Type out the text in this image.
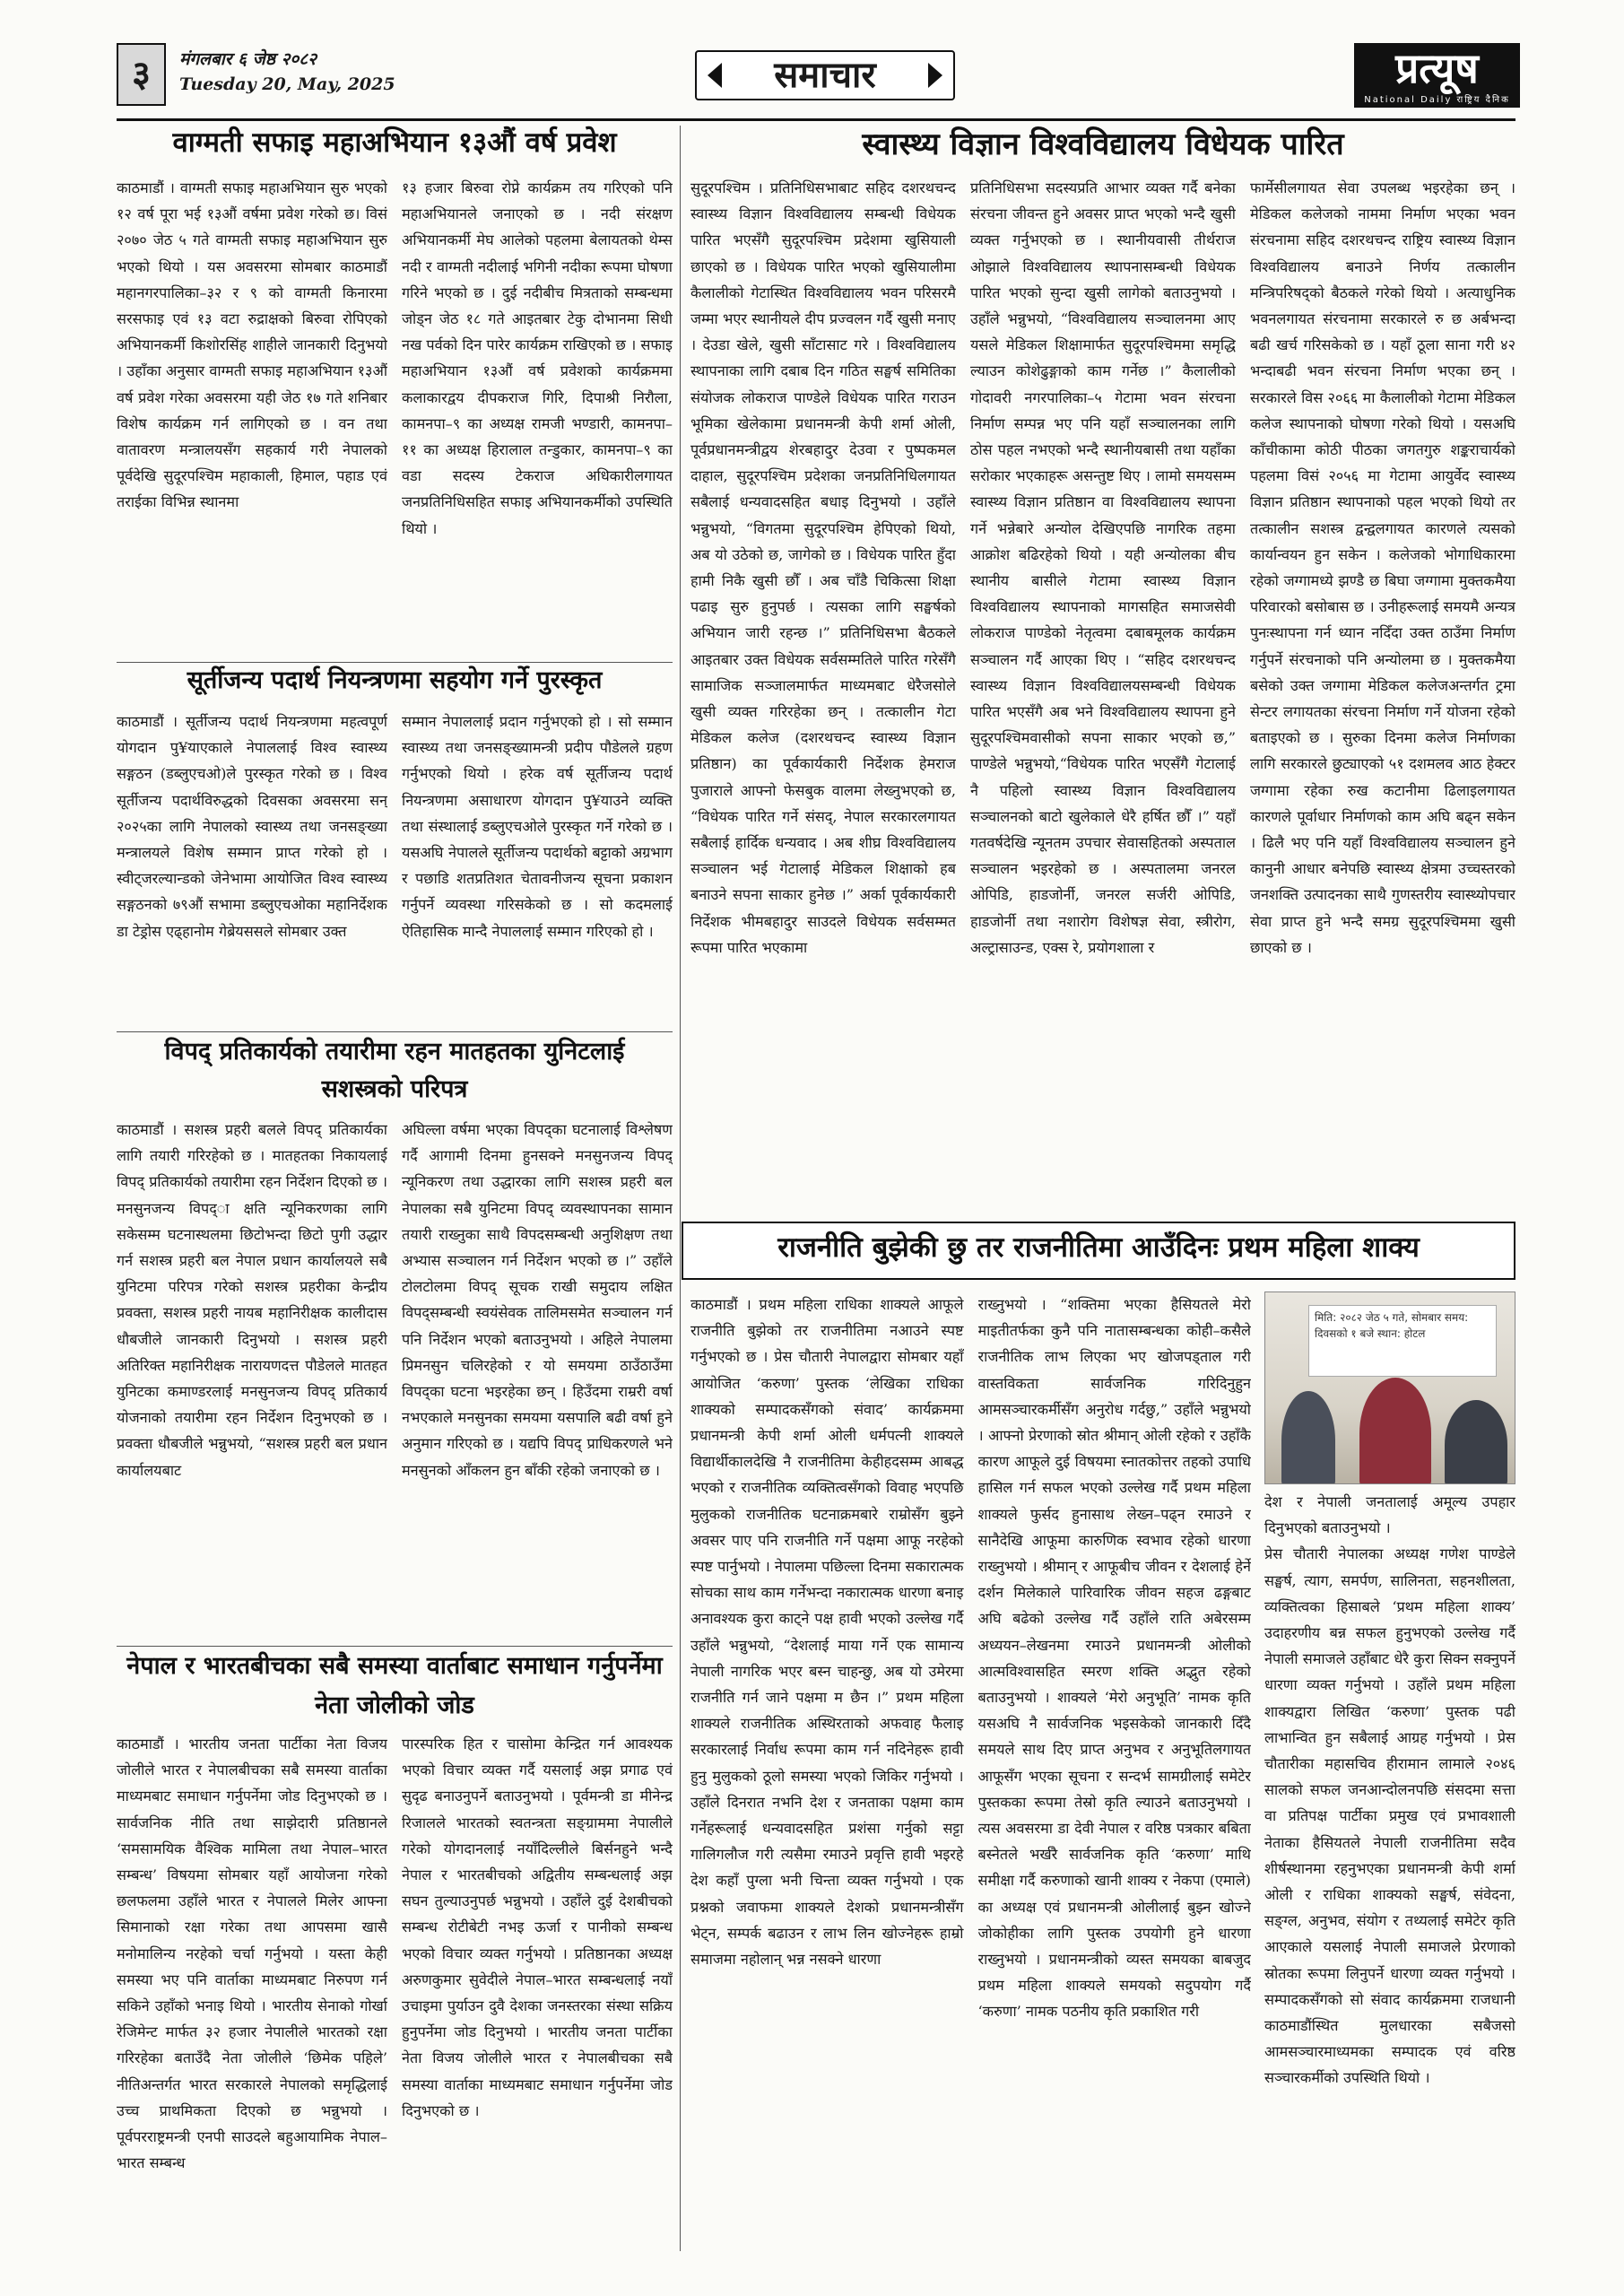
३	मंगलबार ६ जेष्ठ २०८२
Tuesday 20, May, 2025	समाचार	प्रत्यूष
National Daily राष्ट्रिय दैनिक
वाग्मती सफाइ महाअभियान १३औं वर्ष प्रवेश
काठमाडौं । वाग्मती सफाइ महाअभियान सुरु भएको १२ वर्ष पूरा भई १३औं वर्षमा प्रवेश गरेको छ। विसं २०७० जेठ ५ गते वाग्मती सफाइ महाअभियान सुरु भएको थियो । यस अवसरमा सोमबार काठमाडौं महानगरपालिका–३२ र ९ को वाग्मती किनारमा सरसफाइ एवं १३ वटा रुद्राक्षको बिरुवा रोपिएको अभियानकर्मी किशोरसिंह शाहीले जानकारी दिनुभयो । उहाँका अनुसार वाग्मती सफाइ महाअभियान १३औं वर्ष प्रवेश गरेका अवसरमा यही जेठ १७ गते शनिबार विशेष कार्यक्रम गर्न लागिएको छ । वन तथा वातावरण मन्त्रालयसँग सहकार्य गरी नेपालको पूर्वदेखि सुदूरपश्चिम महाकाली, हिमाल, पहाड एवं तराईका विभिन्न स्थानमा
१३ हजार बिरुवा रोप्ने कार्यक्रम तय गरिएको पनि महाअभियानले जनाएको छ । नदी संरक्षण अभियानकर्मी मेघ आलेको पहलमा बेलायतको थेम्स नदी र वाग्मती नदीलाई भगिनी नदीका रूपमा घोषणा गरिने भएको छ । दुई नदीबीच मित्रताको सम्बन्धमा जोड्न जेठ १८ गते आइतबार टेकु दोभानमा सिधी नख पर्वको दिन पारेर कार्यक्रम राखिएको छ । सफाइ महाअभियान १३औं वर्ष प्रवेशको कार्यक्रममा कलाकारद्वय दीपकराज गिरि, दिपाश्री निरौला, कामनपा–९ का अध्यक्ष रामजी भण्डारी, कामनपा–११ का अध्यक्ष हिरालाल तन्डुकार, कामनपा–९ का वडा सदस्य टेकराज अधिकारीलगायत जनप्रतिनिधिसहित सफाइ अभियानकर्मीको उपस्थिति थियो ।
सूर्तीजन्य पदार्थ नियन्त्रणमा सहयोग गर्ने पुरस्कृत
काठमाडौं । सूर्तीजन्य पदार्थ नियन्त्रणमा महत्वपूर्ण योगदान पु¥याएकाले नेपाललाई विश्व स्वास्थ्य सङ्गठन (डब्लुएचओ)ले पुरस्कृत गरेको छ । विश्व सूर्तीजन्य पदार्थविरुद्धको दिवसका अवसरमा सन् २०२५का लागि नेपालको स्वास्थ्य तथा जनसङ्ख्या मन्त्रालयले विशेष सम्मान प्राप्त गरेको हो । स्वीट्जरल्यान्डको जेनेभामा आयोजित विश्व स्वास्थ्य सङ्गठनको ७९औं सभामा डब्लुएचओका महानिर्देशक डा टेड्रोस एढ्हानोम गेब्रेयससले सोमबार उक्त
सम्मान नेपाललाई प्रदान गर्नुभएको हो । सो सम्मान स्वास्थ्य तथा जनसङ्ख्यामन्त्री प्रदीप पौडेलले ग्रहण गर्नुभएको थियो । हरेक वर्ष सूर्तीजन्य पदार्थ नियन्त्रणमा असाधारण योगदान पु¥याउने व्यक्ति तथा संस्थालाई डब्लुएचओले पुरस्कृत गर्ने गरेको छ । यसअघि नेपालले सूर्तीजन्य पदार्थको बट्टाको अग्रभाग र पछाडि शतप्रतिशत चेतावनीजन्य सूचना प्रकाशन गर्नुपर्ने व्यवस्था गरिसकेको छ । सो कदमलाई ऐतिहासिक मान्दै नेपाललाई सम्मान गरिएको हो ।
विपद् प्रतिकार्यको तयारीमा रहन मातहतका युनिटलाई सशस्त्रको परिपत्र
काठमाडौं । सशस्त्र प्रहरी बलले विपद् प्रतिकार्यका लागि तयारी गरिरहेको छ । मातहतका निकायलाई विपद् प्रतिकार्यको तयारीमा रहन निर्देशन दिएको छ । मनसुनजन्य विपद्ा क्षति न्यूनिकरणका लागि सकेसम्म घटनास्थलमा छिटोभन्दा छिटो पुगी उद्धार गर्न सशस्त्र प्रहरी बल नेपाल प्रधान कार्यालयले सबै युनिटमा परिपत्र गरेको सशस्त्र प्रहरीका केन्द्रीय प्रवक्ता, सशस्त्र प्रहरी नायब महानिरीक्षक कालीदास धौबजीले जानकारी दिनुभयो । सशस्त्र प्रहरी अतिरिक्त महानिरीक्षक नारायणदत्त पौडेलले मातहत युनिटका कमाण्डरलाई मनसुनजन्य विपद् प्रतिकार्य योजनाको तयारीमा रहन निर्देशन दिनुभएको छ । प्रवक्ता धौबजीले भन्नुभयो, “सशस्त्र प्रहरी बल प्रधान कार्यालयबाट
अघिल्ला वर्षमा भएका विपद्का घटनालाई विश्लेषण गर्दै आगामी दिनमा हुनसक्ने मनसुनजन्य विपद् न्यूनिकरण तथा उद्धारका लागि सशस्त्र प्रहरी बल नेपालका सबै युनिटमा विपद् व्यवस्थापनका सामान तयारी राख्नुका साथै विपदसम्बन्धी अनुशिक्षण तथा अभ्यास सञ्चालन गर्न निर्देशन भएको छ ।” उहाँले टोलटोलमा विपद् सूचक राखी समुदाय लक्षित विपद्सम्बन्धी स्वयंसेवक तालिमसमेत सञ्चालन गर्न पनि निर्देशन भएको बताउनुभयो । अहिले नेपालमा प्रिमनसुन चलिरहेको र यो समयमा ठाउँठाउँमा विपद्का घटना भइरहेका छन् । हिउँदमा राम्ररी वर्षा नभएकाले मनसुनका समयमा यसपालि बढी वर्षा हुने अनुमान गरिएको छ । यद्यपि विपद् प्राधिकरणले भने मनसुनको आँकलन हुन बाँकी रहेको जनाएको छ ।
नेपाल र भारतबीचका सबै समस्या वार्ताबाट समाधान गर्नुपर्नेमा नेता जोलीको जोड
काठमाडौं । भारतीय जनता पार्टीका नेता विजय जोलीले भारत र नेपालबीचका सबै समस्या वार्ताका माध्यमबाट समाधान गर्नुपर्नेमा जोड दिनुभएको छ । सार्वजनिक नीति तथा साझेदारी प्रतिष्ठानले ‘समसामयिक वैश्विक मामिला तथा नेपाल–भारत सम्बन्ध’ विषयमा सोमबार यहाँ आयोजना गरेको छलफलमा उहाँले भारत र नेपालले मिलेर आफ्ना सिमानाको रक्षा गरेका तथा आपसमा खासै मनोमालिन्य नरहेको चर्चा गर्नुभयो । यस्ता केही समस्या भए पनि वार्ताका माध्यमबाट निरुपण गर्न सकिने उहाँको भनाइ थियो । भारतीय सेनाको गोर्खा रेजिमेन्ट मार्फत ३२ हजार नेपालीले भारतको रक्षा गरिरहेका बताउँदै नेता जोलीले ‘छिमेक पहिले’ नीतिअन्तर्गत भारत सरकारले नेपालको समृद्धिलाई उच्च प्राथमिकता दिएको छ भन्नुभयो । पूर्वपरराष्ट्रमन्त्री एनपी साउदले बहुआयामिक नेपाल–भारत सम्बन्ध
पारस्परिक हित र चासोमा केन्द्रित गर्न आवश्यक भएको विचार व्यक्त गर्दै यसलाई अझ प्रगाढ एवं सुदृढ बनाउनुपर्ने बताउनुभयो । पूर्वमन्त्री डा मीनेन्द्र रिजालले भारतको स्वतन्त्रता सङ्ग्राममा नेपालीले गरेको योगदानलाई नयाँदिल्लीले बिर्सनहुने भन्दै नेपाल र भारतबीचको अद्वितीय सम्बन्धलाई अझ सघन तुल्याउनुपर्छ भन्नुभयो । उहाँले दुई देशबीचको सम्बन्ध रोटीबेटी नभइ ऊर्जा र पानीको सम्बन्ध भएको विचार व्यक्त गर्नुभयो । प्रतिष्ठानका अध्यक्ष अरुणकुमार सुवेदीले नेपाल–भारत सम्बन्धलाई नयाँ उचाइमा पुर्याउन दुवै देशका जनस्तरका संस्था सक्रिय हुनुपर्नेमा जोड दिनुभयो । भारतीय जनता पार्टीका नेता विजय जोलीले भारत र नेपालबीचका सबै समस्या वार्ताका माध्यमबाट समाधान गर्नुपर्नेमा जोड दिनुभएको छ ।
स्वास्थ्य विज्ञान विश्वविद्यालय विधेयक पारित
सुदूरपश्चिम । प्रतिनिधिसभाबाट सहिद दशरथचन्द स्वास्थ्य विज्ञान विश्वविद्यालय सम्बन्धी विधेयक पारित भएसँगै सुदूरपश्चिम प्रदेशमा खुसियाली छाएको छ । विधेयक पारित भएको खुसियालीमा कैलालीको गेटास्थित विश्वविद्यालय भवन परिसरमै जम्मा भएर स्थानीयले दीप प्रज्वलन गर्दै खुसी मनाए । देउडा खेले, खुसी साँटासाट गरे । विश्वविद्यालय स्थापनाका लागि दबाब दिन गठित सङ्घर्ष समितिका संयोजक लोकराज पाण्डेले विधेयक पारित गराउन भूमिका खेलेकामा प्रधानमन्त्री केपी शर्मा ओली, पूर्वप्रधानमन्त्रीद्वय शेरबहादुर देउवा र पुष्पकमल दाहाल, सुदूरपश्चिम प्रदेशका जनप्रतिनिधिलगायत सबैलाई धन्यवादसहित बधाइ दिनुभयो । उहाँले भन्नुभयो, “विगतमा सुदूरपश्चिम हेपिएको थियो, अब यो उठेको छ, जागेको छ । विधेयक पारित हुँदा हामी निकै खुसी छौँ । अब चाँडै चिकित्सा शिक्षा पढाइ सुरु हुनुपर्छ । त्यसका लागि सङ्घर्षको अभियान जारी रहन्छ ।” प्रतिनिधिसभा बैठकले आइतबार उक्त विधेयक सर्वसम्मतिले पारित गरेसँगै सामाजिक सञ्जालमार्फत माध्यमबाट धेरैजसोले खुसी व्यक्त गरिरहेका छन् । तत्कालीन गेटा मेडिकल कलेज (दशरथचन्द स्वास्थ्य विज्ञान प्रतिष्ठान) का पूर्वकार्यकारी निर्देशक हेमराज पुजाराले आफ्नो फेसबुक वालमा लेख्नुभएको छ, “विधेयक पारित गर्ने संसद्, नेपाल सरकारलगायत सबैलाई हार्दिक धन्यवाद । अब शीघ्र विश्वविद्यालय सञ्चालन भई गेटालाई मेडिकल शिक्षाको हब बनाउने सपना साकार हुनेछ ।” अर्का पूर्वकार्यकारी निर्देशक भीमबहादुर साउदले विधेयक सर्वसम्मत रूपमा पारित भएकामा
प्रतिनिधिसभा सदस्यप्रति आभार व्यक्त गर्दै बनेका संरचना जीवन्त हुने अवसर प्राप्त भएको भन्दै खुसी व्यक्त गर्नुभएको छ । स्थानीयवासी तीर्थराज ओझाले विश्वविद्यालय स्थापनासम्बन्धी विधेयक पारित भएको सुन्दा खुसी लागेको बताउनुभयो । उहाँले भन्नुभयो, “विश्वविद्यालय सञ्चालनमा आए यसले मेडिकल शिक्षामार्फत सुदूरपश्चिममा समृद्धि ल्याउन कोशेढुङ्गाको काम गर्नेछ ।” कैलालीको गोदावरी नगरपालिका–५ गेटामा भवन संरचना निर्माण सम्पन्न भए पनि यहाँ सञ्चालनका लागि ठोस पहल नभएको भन्दै स्थानीयबासी तथा यहाँका सरोकार भएकाहरू असन्तुष्ट थिए । लामो समयसम्म स्वास्थ्य विज्ञान प्रतिष्ठान वा विश्वविद्यालय स्थापना गर्ने भन्नेबारे अन्योल देखिएपछि नागरिक तहमा आक्रोश बढिरहेको थियो । यही अन्योलका बीच स्थानीय बासीले गेटामा स्वास्थ्य विज्ञान विश्वविद्यालय स्थापनाको मागसहित समाजसेवी लोकराज पाण्डेको नेतृत्वमा दबाबमूलक कार्यक्रम सञ्चालन गर्दै आएका थिए । “सहिद दशरथचन्द स्वास्थ्य विज्ञान विश्वविद्यालयसम्बन्धी विधेयक पारित भएसँगै अब भने विश्वविद्यालय स्थापना हुने सुदूरपश्चिमवासीको सपना साकार भएको छ,” पाण्डेले भन्नुभयो,“विधेयक पारित भएसँगै गेटालाई नै पहिलो स्वास्थ्य विज्ञान विश्वविद्यालय सञ्चालनको बाटो खुलेकाले धेरै हर्षित छौँ ।” यहाँ गतवर्षदेखि न्यूनतम उपचार सेवासहितको अस्पताल सञ्चालन भइरहेको छ । अस्पतालमा जनरल ओपिडि, हाडजोर्नी, जनरल सर्जरी ओपिडि, हाडजोर्नी तथा नशारोग विशेषज्ञ सेवा, स्त्रीरोग, अल्ट्रासाउन्ड, एक्स रे, प्रयोगशाला र
फार्मेसीलगायत सेवा उपलब्ध भइरहेका छन् । मेडिकल कलेजको नाममा निर्माण भएका भवन संरचनामा सहिद दशरथचन्द राष्ट्रिय स्वास्थ्य विज्ञान विश्वविद्यालय बनाउने निर्णय तत्कालीन मन्त्रिपरिषद्को बैठकले गरेको थियो । अत्याधुनिक भवनलगायत संरचनामा सरकारले रु छ अर्बभन्दा बढी खर्च गरिसकेको छ । यहाँ ठूला साना गरी ४२ भन्दाबढी भवन संरचना निर्माण भएका छन् । सरकारले विस २०६६ मा कैलालीको गेटामा मेडिकल कलेज स्थापनाको घोषणा गरेको थियो । यसअघि काँचीकामा कोठी पीठका जगतगुरु शङ्कराचार्यको पहलमा विसं २०५६ मा गेटामा आयुर्वेद स्वास्थ्य विज्ञान प्रतिष्ठान स्थापनाको पहल भएको थियो तर तत्कालीन सशस्त्र द्वन्द्वलगायत कारणले त्यसको कार्यान्वयन हुन सकेन । कलेजको भोगाधिकारमा रहेको जग्गामध्ये झण्डै छ बिघा जग्गामा मुक्तकमैया परिवारको बसोबास छ । उनीहरूलाई समयमै अन्यत्र पुनःस्थापना गर्न ध्यान नदिँदा उक्त ठाउँमा निर्माण गर्नुपर्ने संरचनाको पनि अन्योलमा छ । मुक्तकमैया बसेको उक्त जग्गामा मेडिकल कलेजअन्तर्गत ट्रमा सेन्टर लगायतका संरचना निर्माण गर्ने योजना रहेको बताइएको छ । सुरुका दिनमा कलेज निर्माणका लागि सरकारले छुट्याएको ५१ दशमलव आठ हेक्टर जग्गामा रहेका रुख कटानीमा ढिलाइलगायत कारणले पूर्वाधार निर्माणको काम अघि बढ्न सकेन । ढिलै भए पनि यहाँ विश्वविद्यालय सञ्चालन हुने कानुनी आधार बनेपछि स्वास्थ्य क्षेत्रमा उच्चस्तरको जनशक्ति उत्पादनका साथै गुणस्तरीय स्वास्थ्योपचार सेवा प्राप्त हुने भन्दै समग्र सुदूरपश्चिममा खुसी छाएको छ ।
राजनीति बुझेकी छु तर राजनीतिमा आउँदिनः प्रथम महिला शाक्य
मिति: २०८२ जेठ ५ गते, सोमबार समय: दिवसको १ बजे स्थान: होटल
काठमाडौं । प्रथम महिला राधिका शाक्यले आफूले राजनीति बुझेको तर राजनीतिमा नआउने स्पष्ट गर्नुभएको छ । प्रेस चौतारी नेपालद्वारा सोमबार यहाँ आयोजित ‘करुणा’ पुस्तक ‘लेखिका राधिका शाक्यको सम्पादकसँगको संवाद’ कार्यक्रममा प्रधानमन्त्री केपी शर्मा ओली धर्मपत्नी शाक्यले विद्यार्थीकालदेखि नै राजनीतिमा केहीहदसम्म आबद्ध भएको र राजनीतिक व्यक्तित्वसँगको विवाह भएपछि मुलुकको राजनीतिक घटनाक्रमबारे राम्रोसँग बुझ्ने अवसर पाए पनि राजनीति गर्ने पक्षमा आफू नरहेको स्पष्ट पार्नुभयो । नेपालमा पछिल्ला दिनमा सकारात्मक सोचका साथ काम गर्नेभन्दा नकारात्मक धारणा बनाइ अनावश्यक कुरा काट्ने पक्ष हावी भएको उल्लेख गर्दै उहाँले भन्नुभयो, “देशलाई माया गर्ने एक सामान्य नेपाली नागरिक भएर बस्न चाहन्छु, अब यो उमेरमा राजनीति गर्न जाने पक्षमा म छैन ।” प्रथम महिला शाक्यले राजनीतिक अस्थिरताको अफवाह फैलाइ सरकारलाई निर्वाध रूपमा काम गर्न नदिनेहरू हावी हुनु मुलुकको ठूलो समस्या भएको जिकिर गर्नुभयो । उहाँले दिनरात नभनि देश र जनताका पक्षमा काम गर्नेहरूलाई धन्यवादसहित प्रशंसा गर्नुको सट्टा गालिगलौज गरी त्यसैमा रमाउने प्रवृत्ति हावी भइरहे देश कहाँ पुग्ला भनी चिन्ता व्यक्त गर्नुभयो । एक प्रश्नको जवाफमा शाक्यले देशको प्रधानमन्त्रीसँग भेट्न, सम्पर्क बढाउन र लाभ लिन खोज्नेहरू हाम्रो समाजमा नहोलान् भन्न नसक्ने धारणा
राख्नुभयो । “शक्तिमा भएका हैसियतले मेरो माइतीतर्फका कुनै पनि नातासम्बन्धका कोही–कसैले राजनीतिक लाभ लिएका भए खोजपड्ताल गरी वास्तविकता सार्वजनिक गरिदिनुहुन आमसञ्चारकर्मीसँग अनुरोध गर्दछु,” उहाँले भन्नुभयो । आफ्नो प्रेरणाको स्रोत श्रीमान् ओली रहेको र उहाँकै कारण आफूले दुई विषयमा स्नातकोत्तर तहको उपाधि हासिल गर्न सफल भएको उल्लेख गर्दै प्रथम महिला शाक्यले फुर्सद हुनासाथ लेख्न–पढ्न रमाउने र सानैदेखि आफूमा कारुणिक स्वभाव रहेको धारणा राख्नुभयो । श्रीमान् र आफूबीच जीवन र देशलाई हेर्ने दर्शन मिलेकाले पारिवारिक जीवन सहज ढङ्गबाट अघि बढेको उल्लेख गर्दै उहाँले राति अबेरसम्म अध्ययन–लेखनमा रमाउने प्रधानमन्त्री ओलीको आत्मविश्वासहित स्मरण शक्ति अद्भुत रहेको बताउनुभयो । शाक्यले ‘मेरो अनुभूति’ नामक कृति यसअघि नै सार्वजनिक भइसकेको जानकारी दिँदै समयले साथ दिए प्राप्त अनुभव र अनुभूतिलगायत आफूसँग भएका सूचना र सन्दर्भ सामग्रीलाई समेटेर पुस्तकका रूपमा तेस्रो कृति ल्याउने बताउनुभयो । त्यस अवसरमा डा देवी नेपाल र वरिष्ठ पत्रकार बबिता बस्नेतले भर्खरै सार्वजनिक कृति ‘करुणा’ माथि समीक्षा गर्दै करुणाको खानी शाक्य र नेकपा (एमाले) का अध्यक्ष एवं प्रधानमन्त्री ओलीलाई बुझ्न खोज्ने जोकोहीका लागि पुस्तक उपयोगी हुने धारणा राख्नुभयो । प्रधानमन्त्रीको व्यस्त समयका बाबजुद प्रथम महिला शाक्यले समयको सदुपयोग गर्दै ‘करुणा’ नामक पठनीय कृति प्रकाशित गरी
देश र नेपाली जनतालाई अमूल्य उपहार दिनुभएको बताउनुभयो ।
प्रेस चौतारी नेपालका अध्यक्ष गणेश पाण्डेले सङ्घर्ष, त्याग, समर्पण, सालिनता, सहनशीलता, व्यक्तित्वका हिसाबले ‘प्रथम महिला शाक्य’ उदाहरणीय बन्न सफल हुनुभएको उल्लेख गर्दै नेपाली समाजले उहाँबाट धेरै कुरा सिक्न सक्नुपर्ने धारणा व्यक्त गर्नुभयो । उहाँले प्रथम महिला शाक्यद्वारा लिखित ‘करुणा’ पुस्तक पढी लाभान्वित हुन सबैलाई आग्रह गर्नुभयो । प्रेस चौतारीका महासचिव हीरामान लामाले २०४६ सालको सफल जनआन्दोलनपछि संसदमा सत्ता वा प्रतिपक्ष पार्टीका प्रमुख एवं प्रभावशाली नेताका हैसियतले नेपाली राजनीतिमा सदैव शीर्षस्थानमा रहनुभएका प्रधानमन्त्री केपी शर्मा ओली र राधिका शाक्यको सङ्घर्ष, संवेदना, सङ्ग्ल, अनुभव, संयोग र तथ्यलाई समेटेर कृति आएकाले यसलाई नेपाली समाजले प्रेरणाको स्रोतका रूपमा लिनुपर्ने धारणा व्यक्त गर्नुभयो । सम्पादकसँगको सो संवाद कार्यक्रममा राजधानी काठमाडौंस्थित मुलधारका सबैजसो आमसञ्चारमाध्यमका सम्पादक एवं वरिष्ठ सञ्चारकर्मीको उपस्थिति थियो ।
